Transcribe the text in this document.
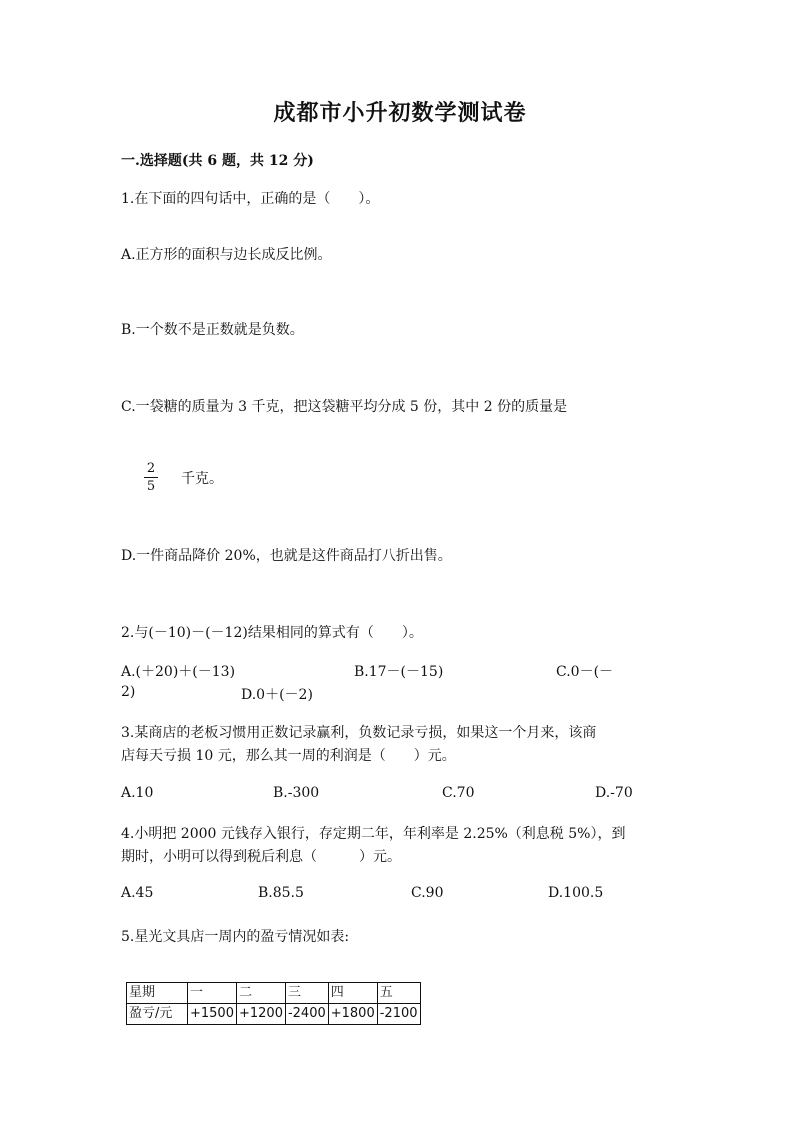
成都市小升初数学测试卷
一.选择题(共 6 题，共 12 分)
1.在下面的四句话中，正确的是（　　）。
A.正方形的面积与边长成反比例。
B.一个数不是正数就是负数。
C.一袋糖的质量为 3 千克，把这袋糖平均分成 5 份，其中 2 份的质量是
2
5 千克。
D.一件商品降价 20%，也就是这件商品打八折出售。
2.与(－10)－(－12)结果相同的算式有（　　）。
A.(＋20)＋(－13)	B.17－(－15)	C.0－(－
2)	D.0＋(－2)
3.某商店的老板习惯用正数记录赢利，负数记录亏损，如果这一个月来，该商
店每天亏损 10 元，那么其一周的利润是（　　）元。
A.10	B.-300	C.70	D.-70
4.小明把 2000 元钱存入银行，存定期二年，年利率是 2.25%（利息税 5%），到
期时，小明可以得到税后利息（　　　）元。
A.45	B.85.5	C.90	D.100.5
5.星光文具店一周内的盈亏情况如表:
星期	一	二	三	四	五
盈亏/元	+1500	+1200	-2400	+1800	-2100
